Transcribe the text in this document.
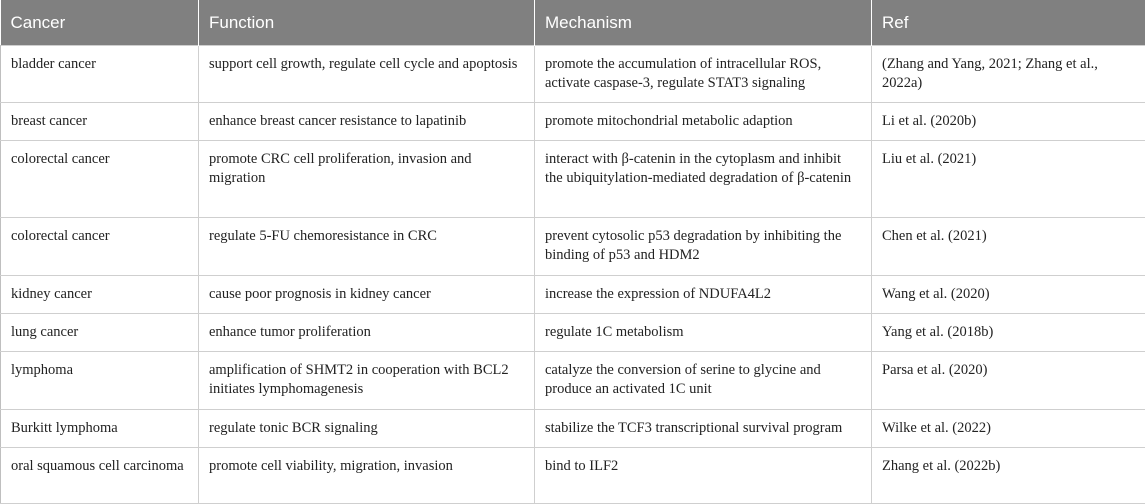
Cancer	Function	Mechanism	Ref
bladder cancer	support cell growth, regulate cell cycle and apoptosis	promote the accumulation of intracellular ROS, activate caspase-3, regulate STAT3 signaling	(Zhang and Yang, 2021; Zhang et al., 2022a)
breast cancer	enhance breast cancer resistance to lapatinib	promote mitochondrial metabolic adaption	Li et al. (2020b)
colorectal cancer	promote CRC cell proliferation, invasion and migration	interact with β-catenin in the cytoplasm and inhibit the ubiquitylation-mediated degradation of β-catenin	Liu et al. (2021)
colorectal cancer	regulate 5-FU chemoresistance in CRC	prevent cytosolic p53 degradation by inhibiting the binding of p53 and HDM2	Chen et al. (2021)
kidney cancer	cause poor prognosis in kidney cancer	increase the expression of NDUFA4L2	Wang et al. (2020)
lung cancer	enhance tumor proliferation	regulate 1C metabolism	Yang et al. (2018b)
lymphoma	amplification of SHMT2 in cooperation with BCL2 initiates lymphomagenesis	catalyze the conversion of serine to glycine and produce an activated 1C unit	Parsa et al. (2020)
Burkitt lymphoma	regulate tonic BCR signaling	stabilize the TCF3 transcriptional survival program	Wilke et al. (2022)
oral squamous cell carcinoma	promote cell viability, migration, invasion	bind to ILF2	Zhang et al. (2022b)
